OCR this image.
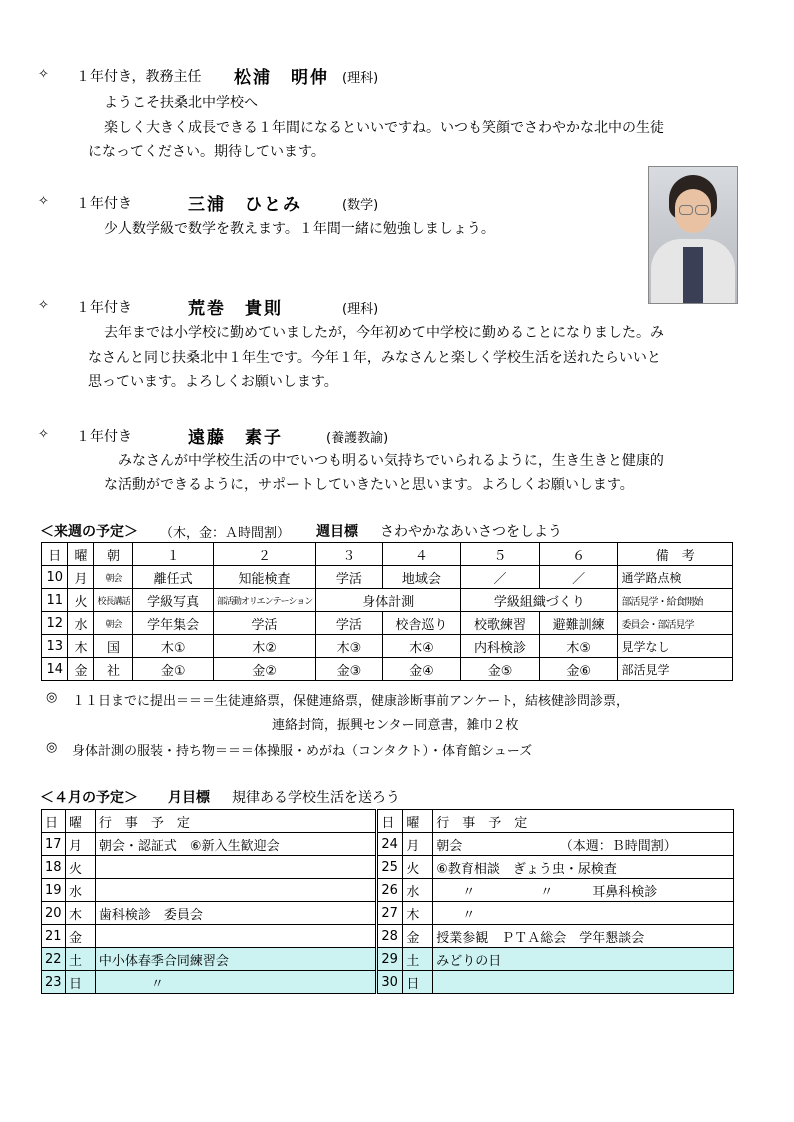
✧ １年付き，教務主任 松浦　明伸 (理科)
ようこそ扶桑北中学校へ
楽しく大きく成長できる１年間になるといいですね。いつも笑顔でさわやかな北中の生徒
になってください。期待しています。
✧ １年付き	三浦　ひとみ	(数学)
少人数学級で数学を教えます。１年間一緒に勉強しましょう。
✧ １年付き	荒巻　貴則	(理科)
去年までは小学校に勤めていましたが，今年初めて中学校に勤めることになりました。み
なさんと同じ扶桑北中１年生です。今年１年，みなさんと楽しく学校生活を送れたらいいと
思っています。よろしくお願いします。
✧ １年付き	遠藤　素子	(養護教諭)
みなさんが中学校生活の中でいつも明るい気持ちでいられるように，生き生きと健康的
な活動ができるように，サポートしていきたいと思います。よろしくお願いします。
＜来週の予定＞ （木，金：Ａ時間割） 週目標 さわやかなあいさつをしよう
日	曜	朝	１	２	３	４	５	６	備　考
10	月	朝会	離任式	知能検査	学活	地域会	／	／	通学路点検
11	火	校長講話	学級写真	部活動オリエンテーション	身体計測		学級組織づくり		部活見学・給食開始
12	水	朝会	学年集会	学活	学活	校舎巡り	校歌練習	避難訓練	委員会・部活見学
13	木	国	木①	木②	木③	木④	内科検診	木⑤	見学なし
14	金	社	金①	金②	金③	金④	金⑤	金⑥	部活見学
◎ １１日までに提出＝＝＝生徒連絡票，保健連絡票，健康診断事前アンケート，結核健診問診票，
連絡封筒，振興センター同意書，雑巾２枚
◎ 身体計測の服装・持ち物＝＝＝体操服・めがね（コンタクト）・体育館シューズ
＜４月の予定＞ 月目標 規律ある学校生活を送ろう
日	曜	行　事　予　定	日	曜	行　事　予　定
17	月	朝会・認証式　⑥新入生歓迎会	24	月	朝会　　　　　　　　（本週：Ｂ時間割）
18	火		25	火	⑥教育相談　ぎょう虫・尿検査
19	水		26	水	　　〃　　　　　〃　　　耳鼻科検診
20	木	歯科検診　委員会	27	木	　　〃
21	金		28	金	授業参観　ＰＴＡ総会　学年懇談会
22	土	中小体春季合同練習会	29	土	みどりの日
23	日	　　　　〃	30	日	
